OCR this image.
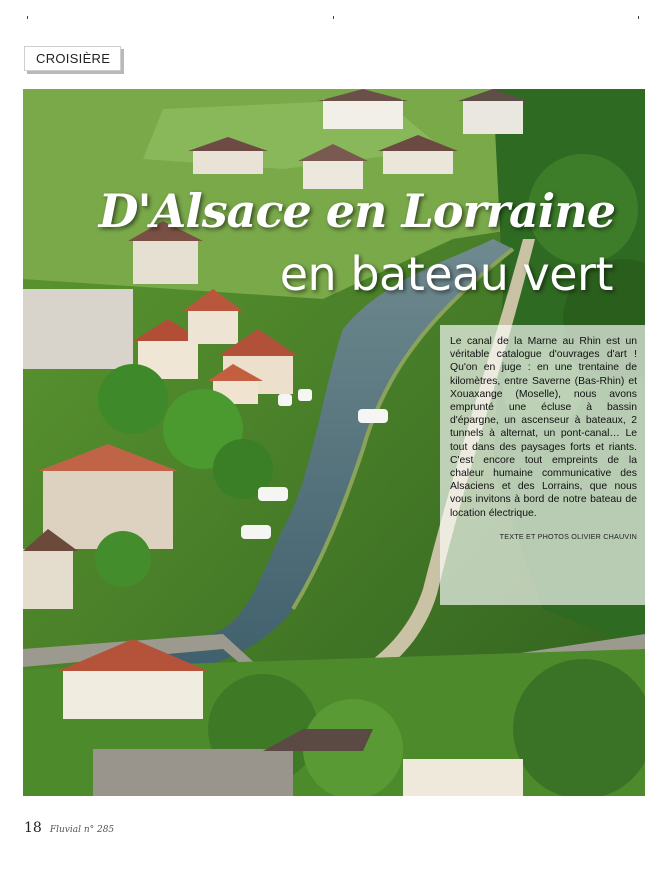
CROISIÈRE
D'Alsace en Lorraine
en bateau vert

Le canal de la Marne au Rhin est un véritable catalogue d'ouvrages d'art ! Qu'on en juge : en une trentaine de kilomètres, entre Saverne (Bas-Rhin) et Xouaxange (Moselle), nous avons emprunté une écluse à bassin d'épargne, un ascenseur à bateaux, 2 tunnels à alternat, un pont-canal… Le tout dans des paysages forts et riants. C'est encore tout empreints de la chaleur humaine communicative des Alsaciens et des Lorrains, que nous vous invitons à bord de notre bateau de location électrique.

TEXTE ET PHOTOS OLIVIER CHAUVIN
18 Fluvial n° 285
